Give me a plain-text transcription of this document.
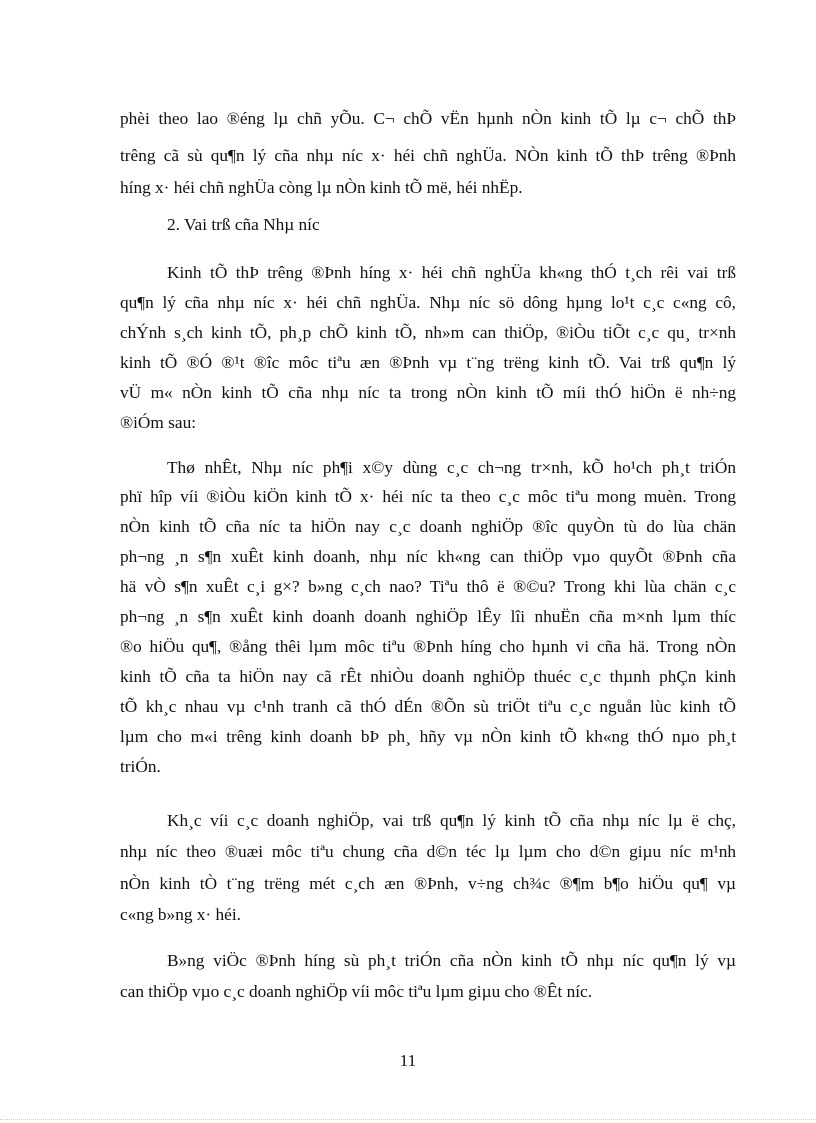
phèi theo lao ®éng lµ chñ yÕu. C¬ chÕ vËn hµnh nÒn kinh tÕ lµ c¬ chÕ thÞ
trêng cã sù qu¶n lý cña nhµ níc x· héi chñ nghÜa. NÒn kinh tÕ thÞ trêng ®Þnh
híng x· héi chñ nghÜa còng lµ nÒn kinh tÕ më, héi nhËp.
2. Vai trß cña Nhµ níc
Kinh tÕ thÞ trêng ®Þnh híng x· héi chñ nghÜa kh«ng thÓ t¸ch rêi vai trß
qu¶n lý cña nhµ níc x· héi chñ nghÜa. Nhµ níc sö dông hµng lo¹t c¸c c«ng cô,
chÝnh s¸ch kinh tÕ, ph¸p chÕ kinh tÕ, nh»m can thiÖp, ®iÒu tiÕt c¸c qu¸ tr×nh
kinh tÕ ®Ó ®¹t ®îc môc tiªu æn ®Þnh vµ t¨ng trëng kinh tÕ. Vai trß qu¶n lý
vÜ m« nÒn kinh tÕ cña nhµ níc ta trong nÒn kinh tÕ míi thÓ hiÖn ë nh÷ng
®iÓm sau:
Thø nhÊt, Nhµ níc ph¶i x©y dùng c¸c ch¬ng tr×nh, kÕ ho¹ch ph¸t triÓn
phï hîp víi ®iÒu kiÖn kinh tÕ x· héi níc ta theo c¸c môc tiªu mong muèn. Trong
nÒn kinh tÕ cña níc ta hiÖn nay c¸c doanh nghiÖp ®îc quyÒn tù do lùa chän
ph¬ng ¸n s¶n xuÊt kinh doanh, nhµ níc kh«ng can thiÖp vµo quyÕt ®Þnh cña
hä vÒ s¶n xuÊt c¸i g×? b»ng c¸ch nao? Tiªu thô ë ®©u? Trong khi lùa chän c¸c
ph¬ng ¸n s¶n xuÊt kinh doanh doanh nghiÖp lÊy lîi nhuËn cña m×nh lµm thíc
®o hiÖu qu¶, ®ång thêi lµm môc tiªu ®Þnh híng cho hµnh vi cña hä. Trong nÒn
kinh tÕ cña ta hiÖn nay cã rÊt nhiÒu doanh nghiÖp thuéc c¸c thµnh phÇn kinh
tÕ kh¸c nhau vµ c¹nh tranh cã thÓ dÉn ®Õn sù triÖt tiªu c¸c nguån lùc kinh tÕ
lµm cho m«i trêng kinh doanh bÞ ph¸ hñy vµ nÒn kinh tÕ kh«ng thÓ nµo ph¸t
triÓn.
Kh¸c víi c¸c doanh nghiÖp, vai trß qu¶n lý kinh tÕ cña nhµ níc lµ ë chç,
nhµ níc theo ®uæi môc tiªu chung cña d©n téc lµ lµm cho d©n giµu níc m¹nh
nÒn kinh tÒ t¨ng trëng mét c¸ch æn ®Þnh, v÷ng ch¾c ®¶m b¶o hiÖu qu¶ vµ
c«ng b»ng x· héi.
B»ng viÖc ®Þnh híng sù ph¸t triÓn cña nÒn kinh tÕ nhµ níc qu¶n lý vµ
can thiÖp vµo c¸c doanh nghiÖp víi môc tiªu lµm giµu cho ®Êt níc.
11
